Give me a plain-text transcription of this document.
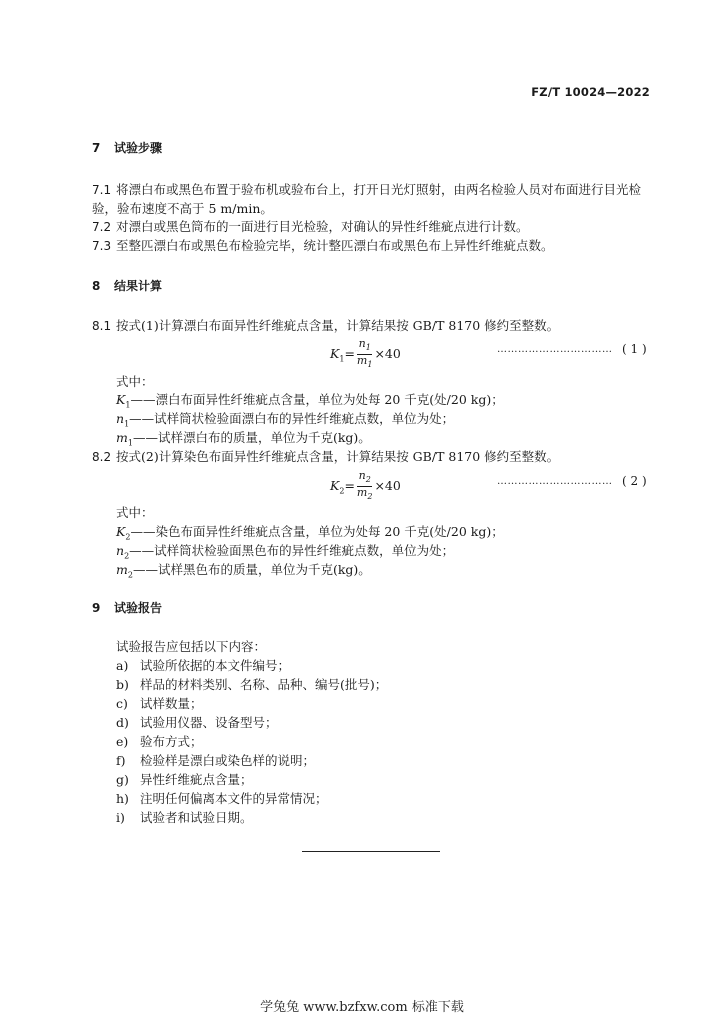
FZ/T 10024—2022
7 试验步骤
7.1 将漂白布或黑色布置于验布机或验布台上，打开日光灯照射，由两名检验人员对布面进行目光检
验，验布速度不高于 5 m/min。
7.2 对漂白或黑色筒布的一面进行目光检验，对确认的异性纤维疵点进行计数。
7.3 至整匹漂白布或黑色布检验完毕，统计整匹漂白布或黑色布上异性纤维疵点数。
8 结果计算
8.1 按式(1)计算漂白布面异性纤维疵点含量，计算结果按 GB/T 8170 修约至整数。
$K_1= \frac{n_1}{m_1} \times 40$	…………………………… ( 1 )
式中：
$K_1——$漂白布面异性纤维疵点含量，单位为处每 20 千克(处/20 kg)；
$n_1——$试样筒状检验面漂白布的异性纤维疵点数，单位为处；
$m_1——$试样漂白布的质量，单位为千克(kg)。
8.2 按式(2)计算染色布面异性纤维疵点含量，计算结果按 GB/T 8170 修约至整数。
$K_2= \frac{n_2}{m_2} \times 40$	…………………………… ( 2 )
式中：
$K_2——$染色布面异性纤维疵点含量，单位为处每 20 千克(处/20 kg)；
$n_2——$试样筒状检验面黑色布的异性纤维疵点数，单位为处；
$m_2——$试样黑色布的质量，单位为千克(kg)。
9 试验报告
试验报告应包括以下内容：
a) 试验所依据的本文件编号；
b) 样品的材料类别、名称、品种、编号(批号)；
c) 试样数量；
d) 试验用仪器、设备型号；
e) 验布方式；
f) 检验样是漂白或染色样的说明；
g) 异性纤维疵点含量；
h) 注明任何偏离本文件的异常情况；
i) 试验者和试验日期。
学兔兔 www.bzfxw.com 标准下载
